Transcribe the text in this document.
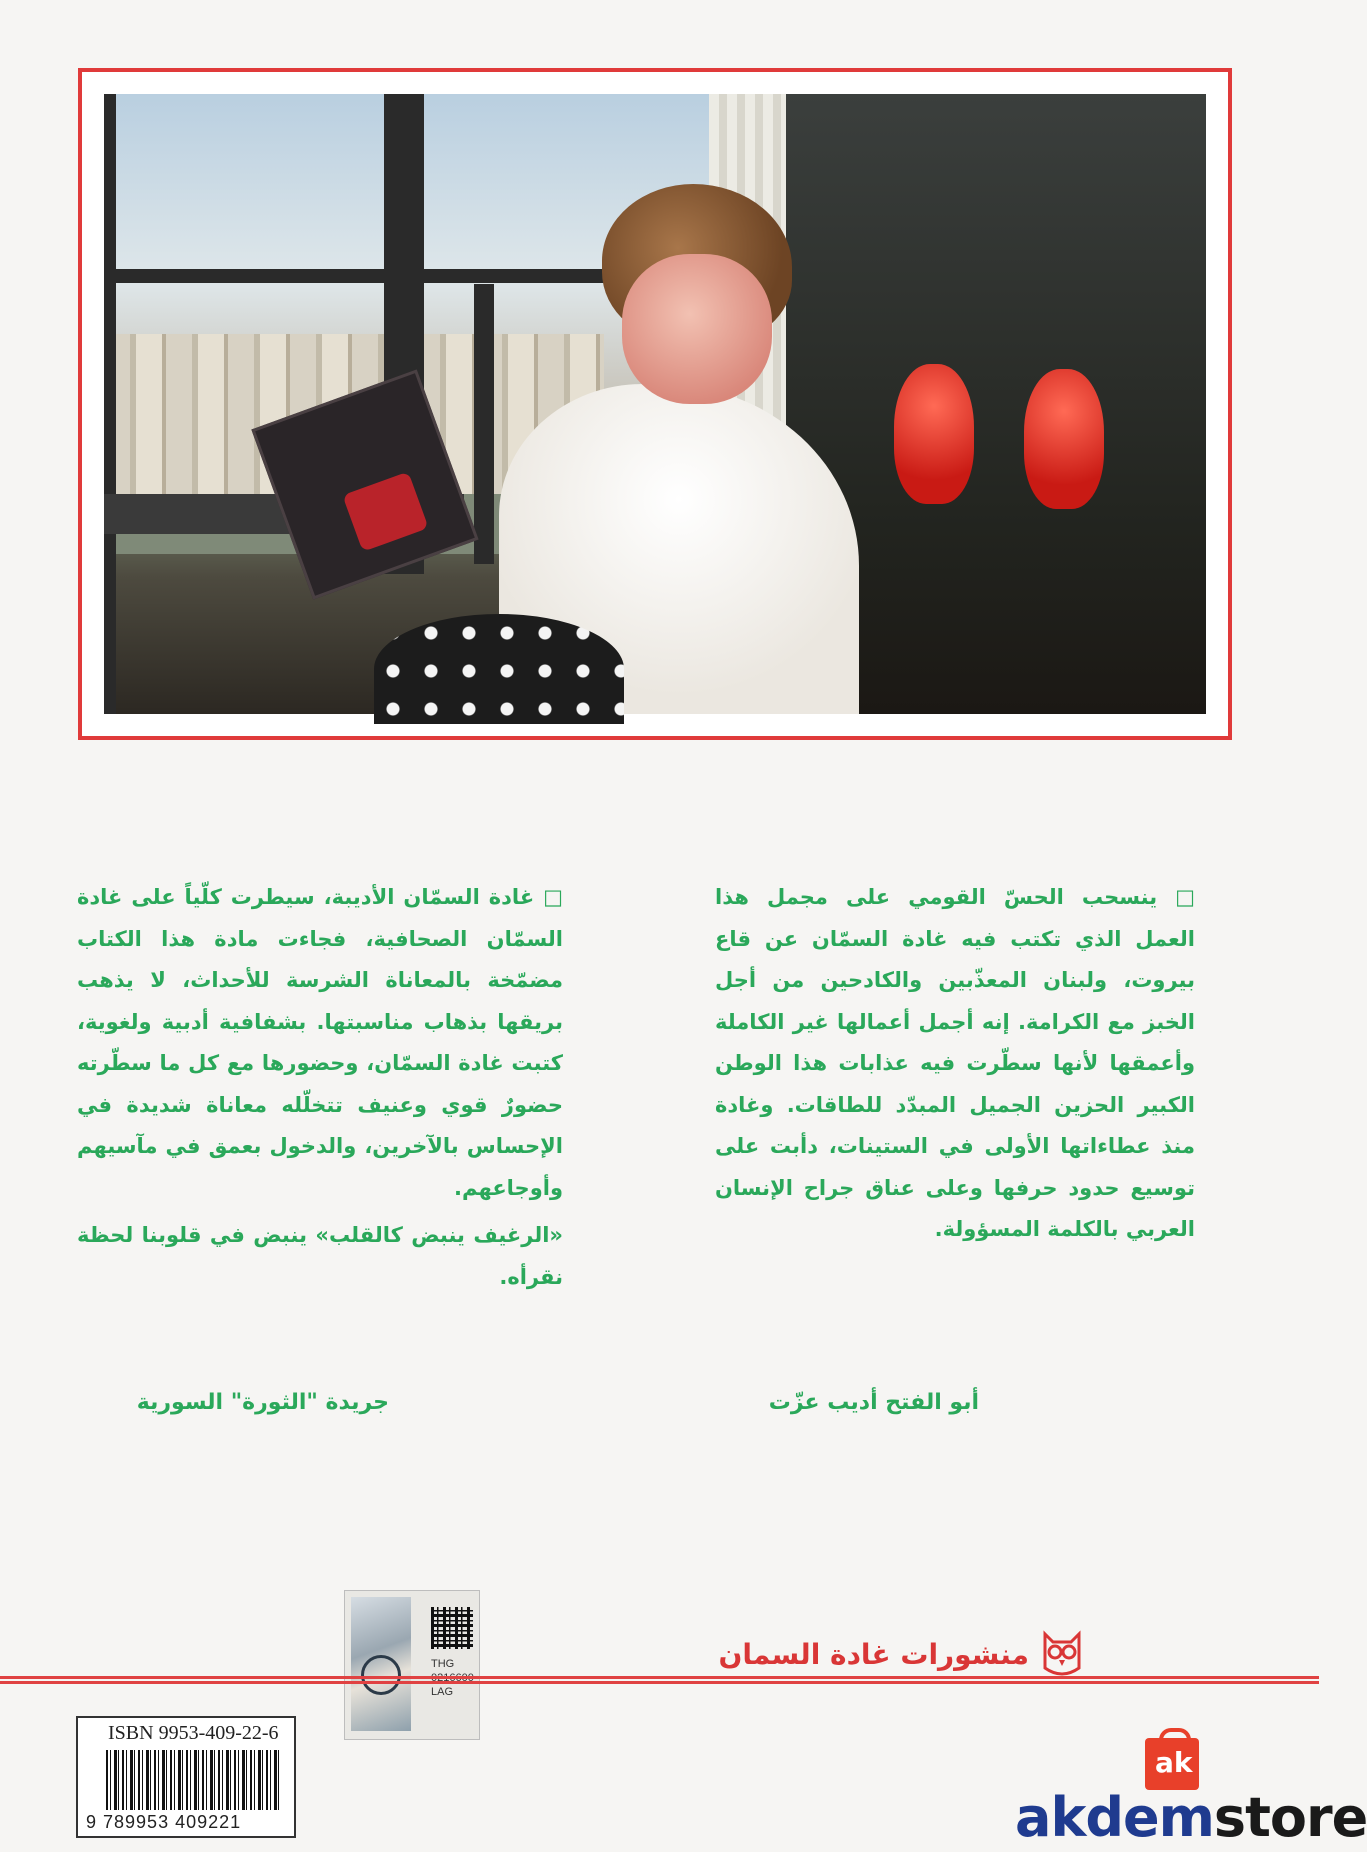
□ ينسحب الحسّ القومي على مجمل هذا العمل الذي تكتب فيه غادة السمّان عن قاع بيروت، ولبنان المعذّبين والكادحين من أجل الخبز مع الكرامة. إنه أجمل أعمالها غير الكاملة وأعمقها لأنها سطّرت فيه عذابات هذا الوطن الكبير الحزين الجميل المبدّد للطاقات. وغادة منذ عطاءاتها الأولى في الستينات، دأبت على توسيع حدود حرفها وعلى عناق جراح الإنسان العربي بالكلمة المسؤولة.

أبو الفتح أديب عزّت

□ غادة السمّان الأديبة، سيطرت كلّياً على غادة السمّان الصحافية، فجاءت مادة هذا الكتاب مضمّخة بالمعاناة الشرسة للأحداث، لا يذهب بريقها بذهاب مناسبتها. بشفافية أدبية ولغوية، كتبت غادة السمّان، وحضورها مع كل ما سطّرته حضورٌ قوي وعنيف تتخلّله معاناة شديدة في الإحساس بالآخرين، والدخول بعمق في مآسيهم وأوجاعهم.

«الرغيف ينبض كالقلب» ينبض في قلوبنا لحظة نقرأه.

جريدة "الثورة" السورية
THG
0216600
LAG
منشورات غادة السمان
ISBN 9953-409-22-6
9 789953 409221
ak
akdemstore
